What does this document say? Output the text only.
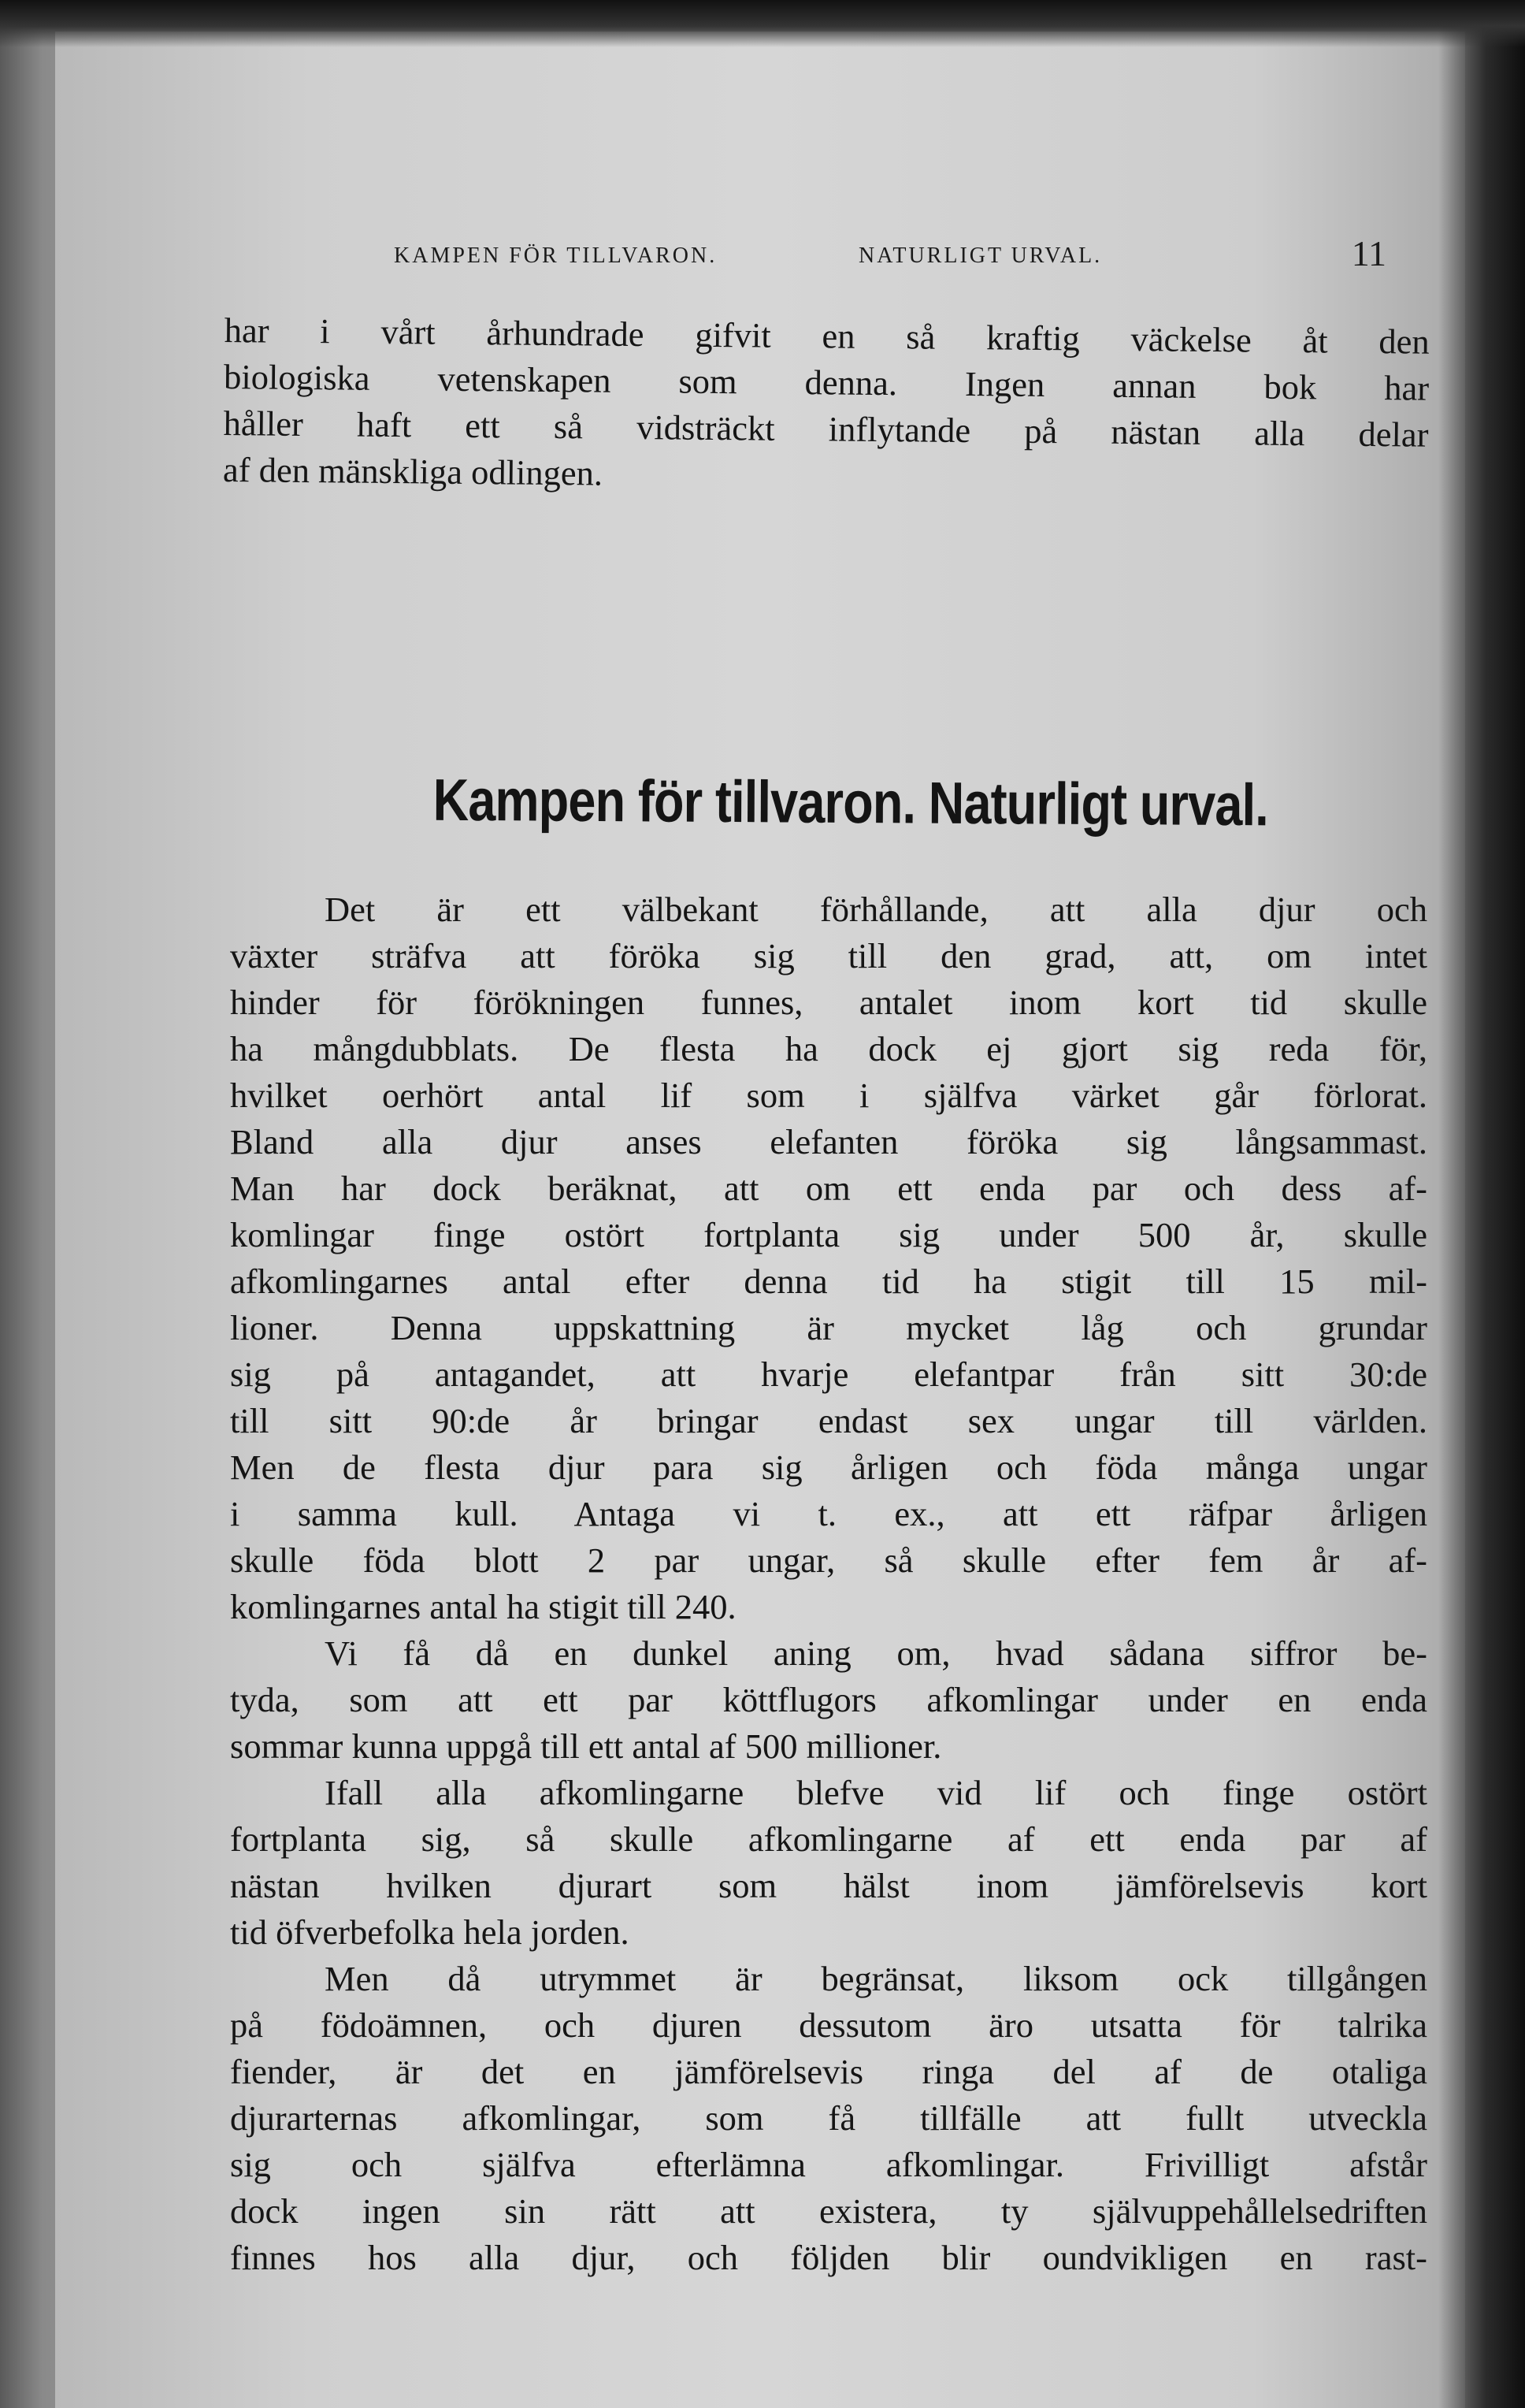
KAMPEN FÖR TILLVARON.	NATURLIGT URVAL.	11

har i vårt århundrade gifvit en så kraftig väckelse åt den

biologiska vetenskapen som denna. Ingen annan bok har

håller haft ett så vidsträckt inflytande på nästan alla delar

af den mänskliga odlingen.

Kampen för tillvaron. Naturligt urval.

Det är ett välbekant förhållande, att alla djur och

växter sträfva att föröka sig till den grad, att, om intet

hinder för förökningen funnes, antalet inom kort tid skulle

ha mångdubblats. De flesta ha dock ej gjort sig reda för,

hvilket oerhört antal lif som i själfva värket går förlorat.

Bland alla djur anses elefanten föröka sig långsammast.

Man har dock beräknat, att om ett enda par och dess af-

komlingar finge ostört fortplanta sig under 500 år, skulle

afkomlingarnes antal efter denna tid ha stigit till 15 mil-

lioner. Denna uppskattning är mycket låg och grundar

sig på antagandet, att hvarje elefantpar från sitt 30:de

till sitt 90:de år bringar endast sex ungar till världen.

Men de flesta djur para sig årligen och föda många ungar

i samma kull. Antaga vi t. ex., att ett räfpar årligen

skulle föda blott 2 par ungar, så skulle efter fem år af-

komlingarnes antal ha stigit till 240.

Vi få då en dunkel aning om, hvad sådana siffror be-

tyda, som att ett par köttflugors afkomlingar under en enda

sommar kunna uppgå till ett antal af 500 millioner.

Ifall alla afkomlingarne blefve vid lif och finge ostört

fortplanta sig, så skulle afkomlingarne af ett enda par af

nästan hvilken djurart som hälst inom jämförelsevis kort

tid öfverbefolka hela jorden.

Men då utrymmet är begränsat, liksom ock tillgången

på födoämnen, och djuren dessutom äro utsatta för talrika

fiender, är det en jämförelsevis ringa del af de otaliga

djurarternas afkomlingar, som få tillfälle att fullt utveckla

sig och själfva efterlämna afkomlingar. Frivilligt afstår

dock ingen sin rätt att existera, ty självuppehållelsedriften

finnes hos alla djur, och följden blir oundvikligen en rast-
